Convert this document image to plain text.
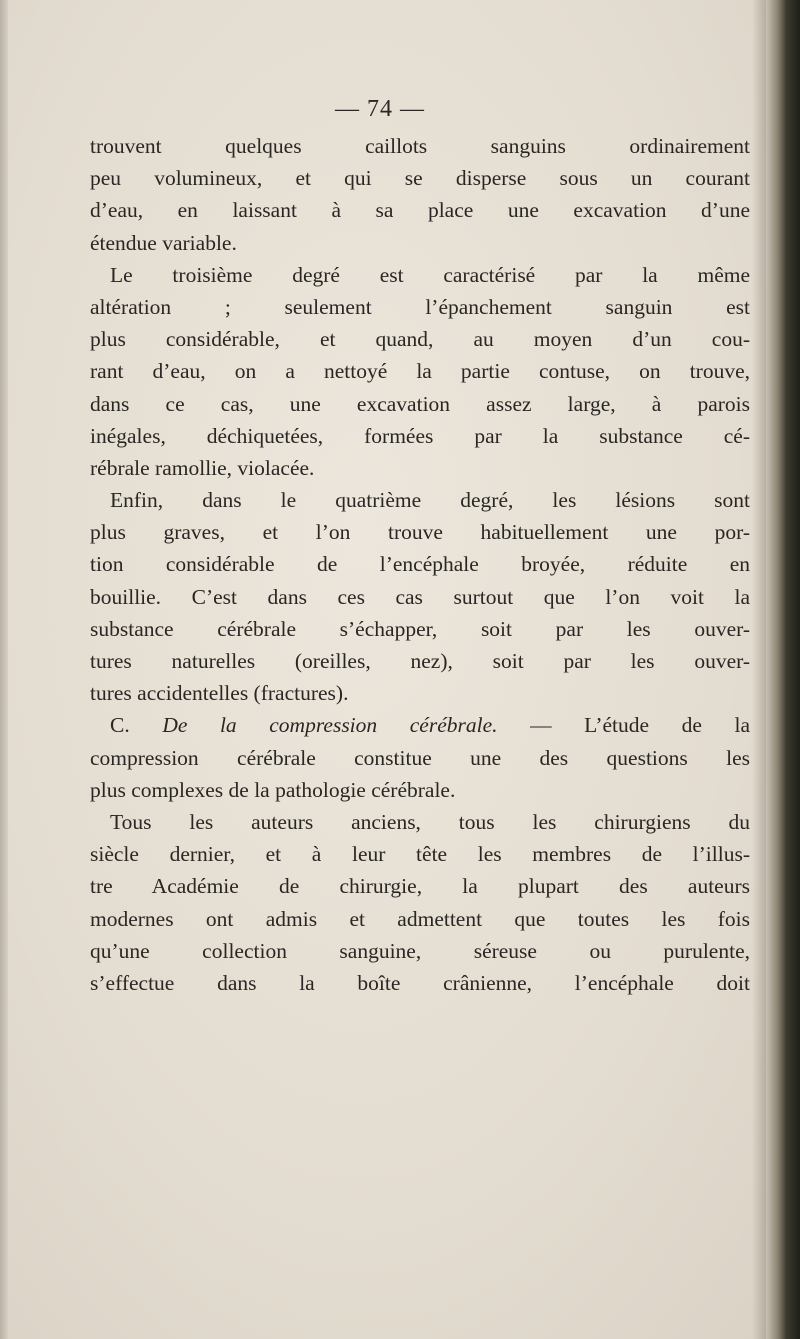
— 74 —
trouvent quelques caillots sanguins ordinairement
peu volumineux, et qui se disperse sous un courant
d’eau, en laissant à sa place une excavation d’une
étendue variable.
Le troisième degré est caractérisé par la même
altération ; seulement l’épanchement sanguin est
plus considérable, et quand, au moyen d’un cou-
rant d’eau, on a nettoyé la partie contuse, on trouve,
dans ce cas, une excavation assez large, à parois
inégales, déchiquetées, formées par la substance cé-
rébrale ramollie, violacée.
Enfin, dans le quatrième degré, les lésions sont
plus graves, et l’on trouve habituellement une por-
tion considérable de l’encéphale broyée, réduite en
bouillie. C’est dans ces cas surtout que l’on voit la
substance cérébrale s’échapper, soit par les ouver-
tures naturelles (oreilles, nez), soit par les ouver-
tures accidentelles (fractures).
C. De la compression cérébrale. — L’étude de la
compression cérébrale constitue une des questions les
plus complexes de la pathologie cérébrale.
Tous les auteurs anciens, tous les chirurgiens du
siècle dernier, et à leur tête les membres de l’illus-
tre Académie de chirurgie, la plupart des auteurs
modernes ont admis et admettent que toutes les fois
qu’une collection sanguine, séreuse ou purulente,
s’effectue dans la boîte crânienne, l’encéphale doit
